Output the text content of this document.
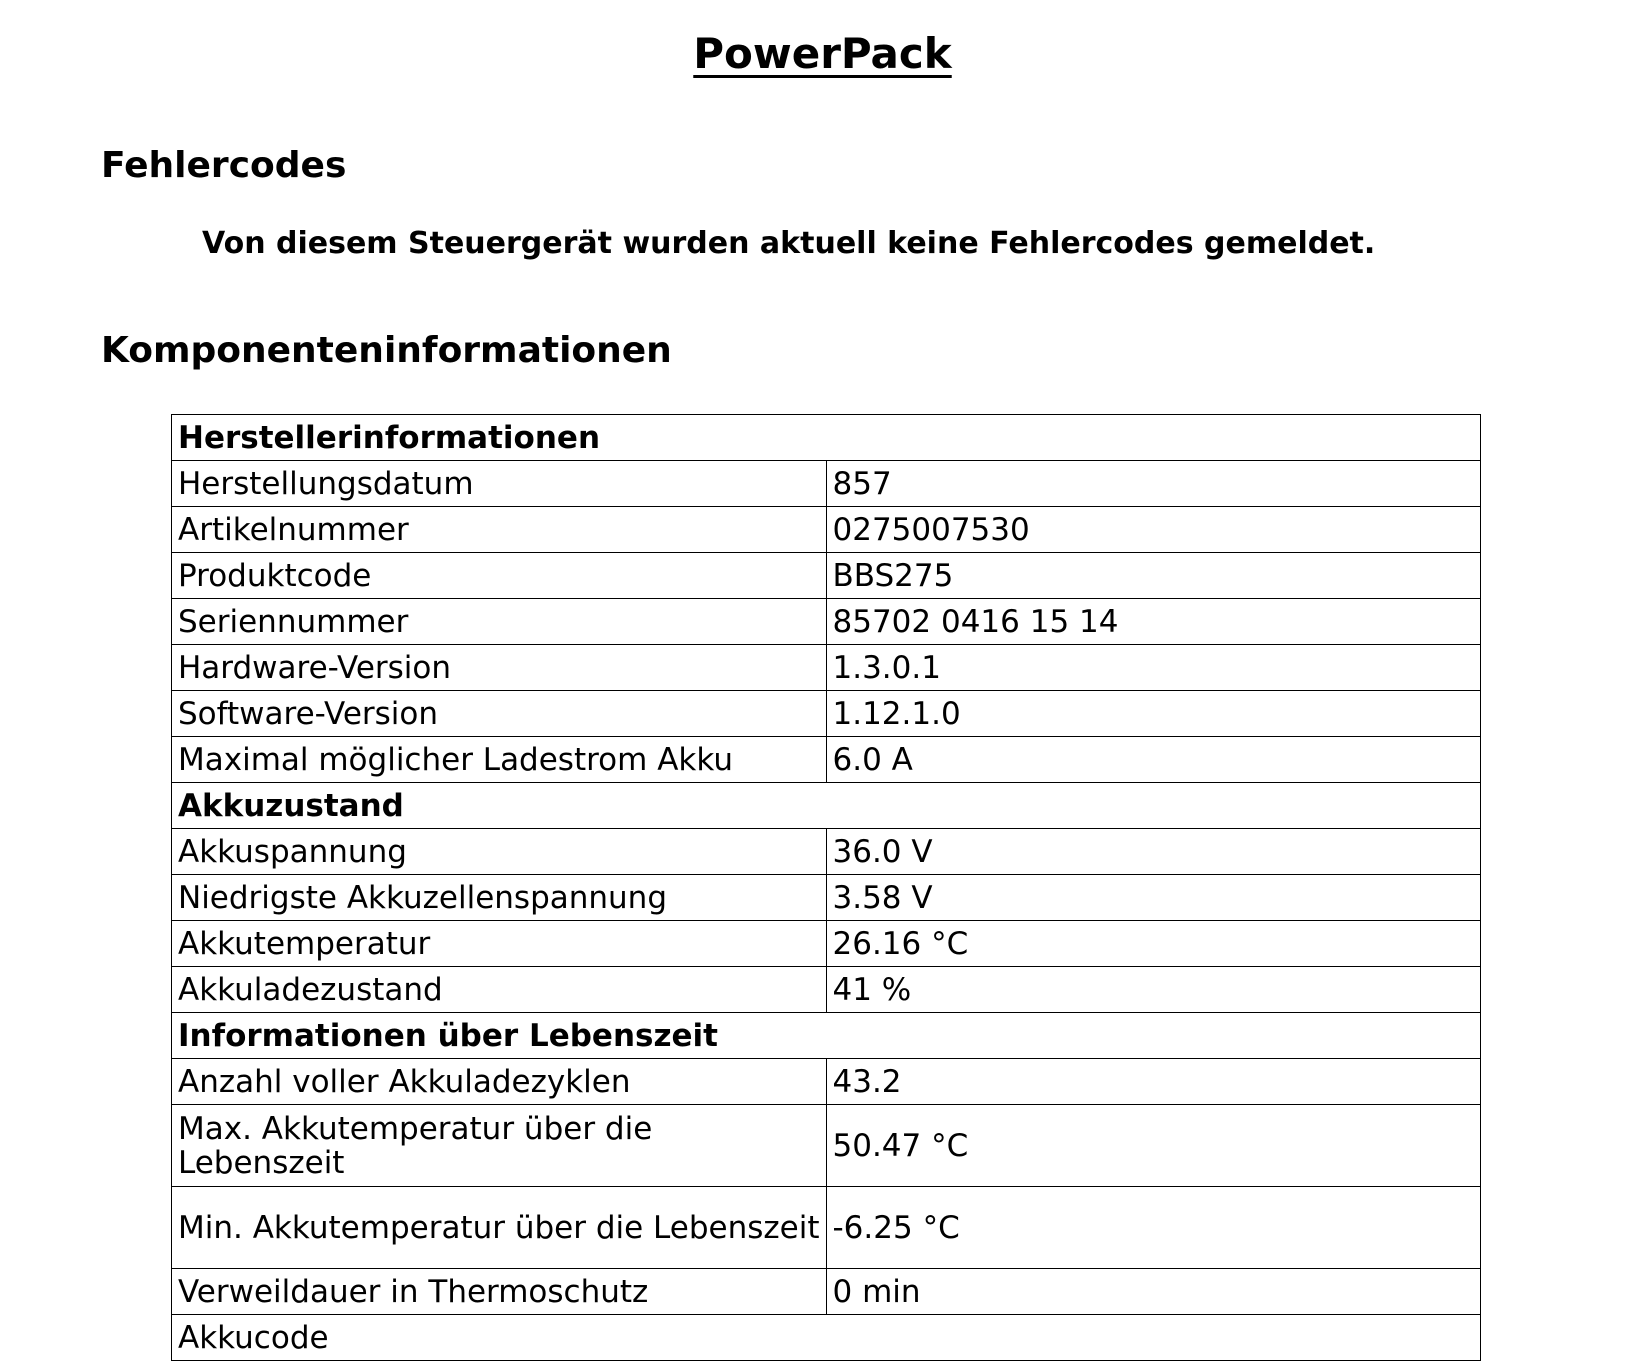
PowerPack
Fehlercodes
Von diesem Steuergerät wurden aktuell keine Fehlercodes gemeldet.
Komponenteninformationen
Herstellerinformationen	
Herstellungsdatum	857
Artikelnummer	0275007530
Produktcode	BBS275
Seriennummer	85702 0416 15 14
Hardware-Version	1.3.0.1
Software-Version	1.12.1.0
Maximal möglicher Ladestrom Akku	6.0 A
Akkuzustand	
Akkuspannung	36.0 V
Niedrigste Akkuzellenspannung	3.58 V
Akkutemperatur	26.16 °C
Akkuladezustand	41 %
Informationen über Lebenszeit	
Anzahl voller Akkuladezyklen	43.2
Max. Akkutemperatur über die Lebenszeit	50.47 °C
Min. Akkutemperatur über die Lebenszeit	-6.25 °C
Verweildauer in Thermoschutz	0 min
Akkucode	
